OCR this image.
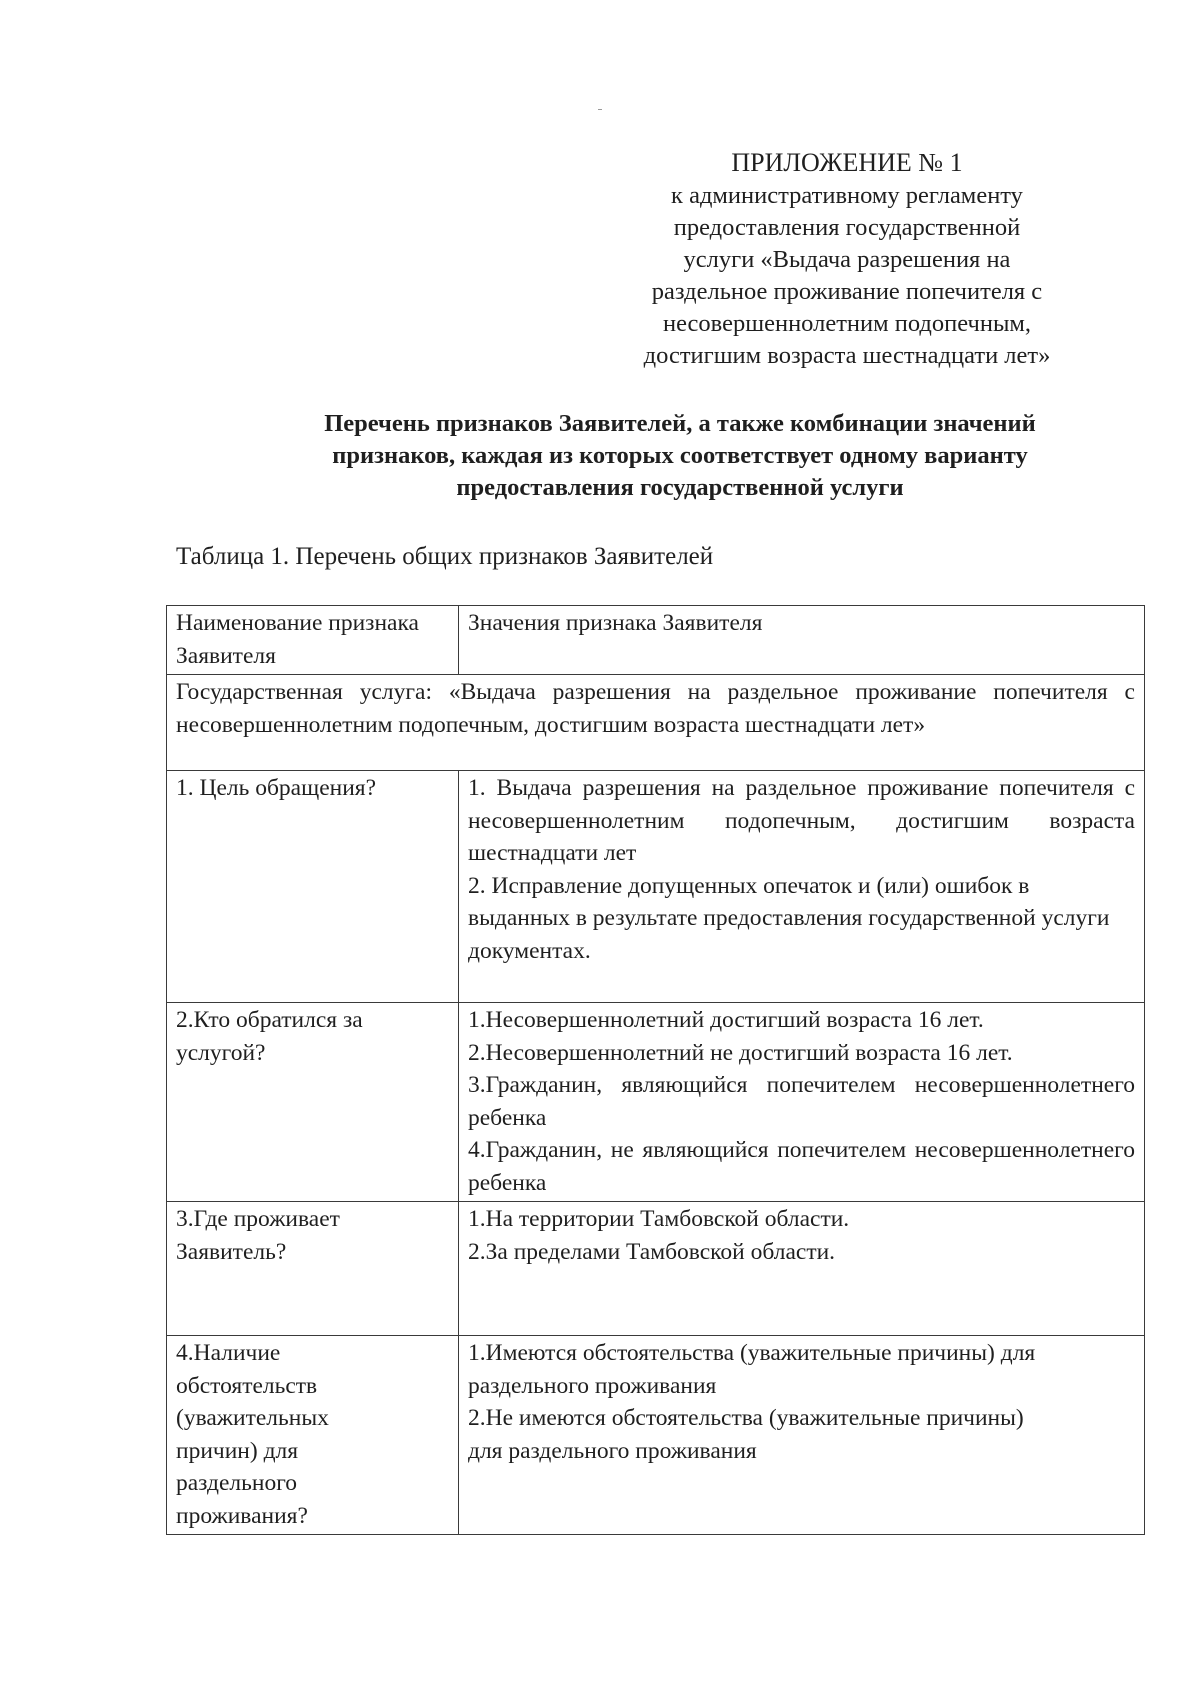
ПРИЛОЖЕНИЕ № 1
к административному регламенту
предоставления государственной
услуги «Выдача разрешения на
раздельное проживание попечителя с
несовершеннолетним подопечным,
достигшим возраста шестнадцати лет»
Перечень признаков Заявителей, а также комбинации значений
признаков, каждая из которых соответствует одному варианту
предоставления государственной услуги
Таблица 1. Перечень общих признаков Заявителей
Наименование признака Заявителя	Значения признака Заявителя

Государственная услуга: «Выдача разрешения на раздельное проживание попечителя с несовершеннолетним подопечным, достигшим возраста шестнадцати лет»	

1. Цель обращения?	1. Выдача разрешения на раздельное проживание попечителя с несовершеннолетним подопечным, достигшим возраста шестнадцати лет
2. Исправление допущенных опечаток и (или) ошибок в выданных в результате предоставления государственной услуги документах.

2.Кто обратился за услугой?	1.Несовершеннолетний достигший возраста 16 лет.
2.Несовершеннолетний не достигший возраста 16 лет.
3.Гражданин, являющийся попечителем несовершеннолетнего ребенка
4.Гражданин, не являющийся попечителем несовершеннолетнего ребенка

3.Где проживает Заявитель?	1.На территории Тамбовской области.
2.За пределами Тамбовской области.

4.Наличие обстоятельств (уважительных причин) для раздельного проживания?	1.Имеются обстоятельства (уважительные причины) для раздельного проживания
2.Не имеются обстоятельства (уважительные причины) для раздельного проживания
